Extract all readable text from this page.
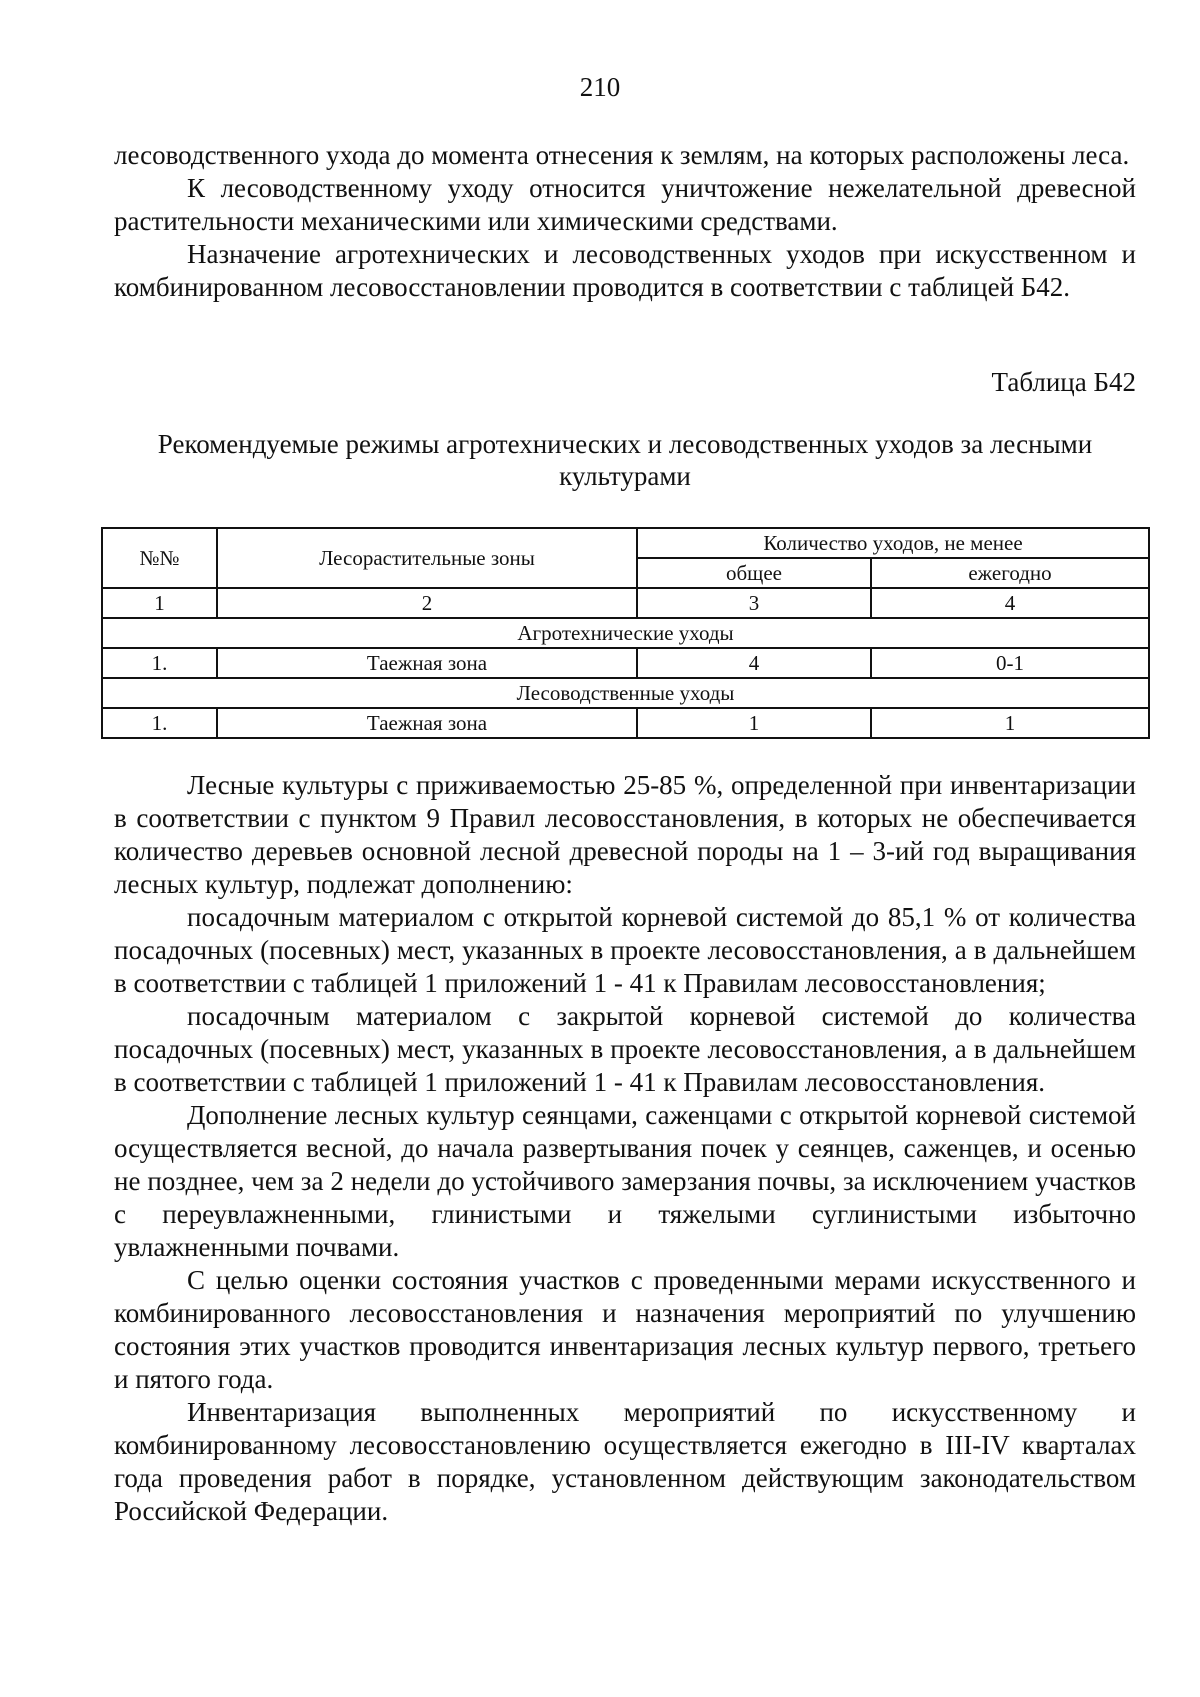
210

лесоводственного ухода до момента отнесения к землям, на которых расположены леса.

К лесоводственному уходу относится уничтожение нежелательной древесной растительности механическими или химическими средствами.

Назначение агротехнических и лесоводственных уходов при искусственном и комбинированном лесовосстановлении проводится в соответствии с таблицей Б42.

Таблица Б42
Рекомендуемые режимы агротехнических и лесоводственных уходов за лесными культурами
№№	Лесорастительные зоны	Количество уходов, не менее	
		общее	ежегодно
1	2	3	4
Агротехнические уходы			
1.	Таежная зона	4	0-1
Лесоводственные уходы			
1.	Таежная зона	1	1

Лесные культуры с приживаемостью 25-85 %, определенной при инвентаризации в соответствии с пунктом 9 Правил лесовосстановления, в которых не обеспечивается количество деревьев основной лесной древесной породы на 1 – 3-ий год выращивания лесных культур, подлежат дополнению:

посадочным материалом с открытой корневой системой до 85,1 % от количества посадочных (посевных) мест, указанных в проекте лесовосстановления, а в дальнейшем в соответствии с таблицей 1 приложений 1 - 41 к Правилам лесовосстановления;

посадочным материалом с закрытой корневой системой до количества посадочных (посевных) мест, указанных в проекте лесовосстановления, а в дальнейшем в соответствии с таблицей 1 приложений 1 - 41 к Правилам лесовосстановления.

Дополнение лесных культур сеянцами, саженцами с открытой корневой системой осуществляется весной, до начала развертывания почек у сеянцев, саженцев, и осенью не позднее, чем за 2 недели до устойчивого замерзания почвы, за исключением участков с переувлажненными, глинистыми и тяжелыми суглинистыми избыточно увлажненными почвами.

С целью оценки состояния участков с проведенными мерами искусственного и комбинированного лесовосстановления и назначения мероприятий по улучшению состояния этих участков проводится инвентаризация лесных культур первого, третьего и пятого года.

Инвентаризация выполненных мероприятий по искусственному и комбинированному лесовосстановлению осуществляется ежегодно в III-IV кварталах года проведения работ в порядке, установленном действующим законодательством Российской Федерации.
